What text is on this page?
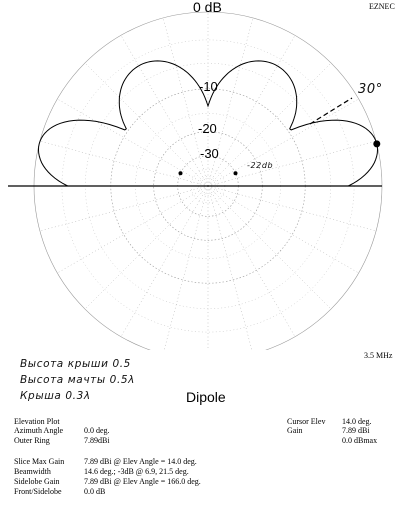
0 dB	EZNEC
-10
-20
-30
30°
-22db
3.5 MHz
Высота крыши 0.5
Высота мачты 0.5λ
Крыша 0.3λ	Dipole
Elevation Plot
Azimuth Angle	0.0 deg.
Outer Ring	7.89dBi
Slice Max Gain 7.89 dBi @ Elev Angle = 14.0 deg.
Beamwidth	14.6 deg.; -3dB @ 6.9, 21.5 deg.
Sidelobe Gain	7.89 dBi @ Elev Angle = 166.0 deg.
Front/Sidelobe	0.0 dB
Cursor Elev 14.0 deg.
Gain	7.89 dBi
0.0 dBmax
